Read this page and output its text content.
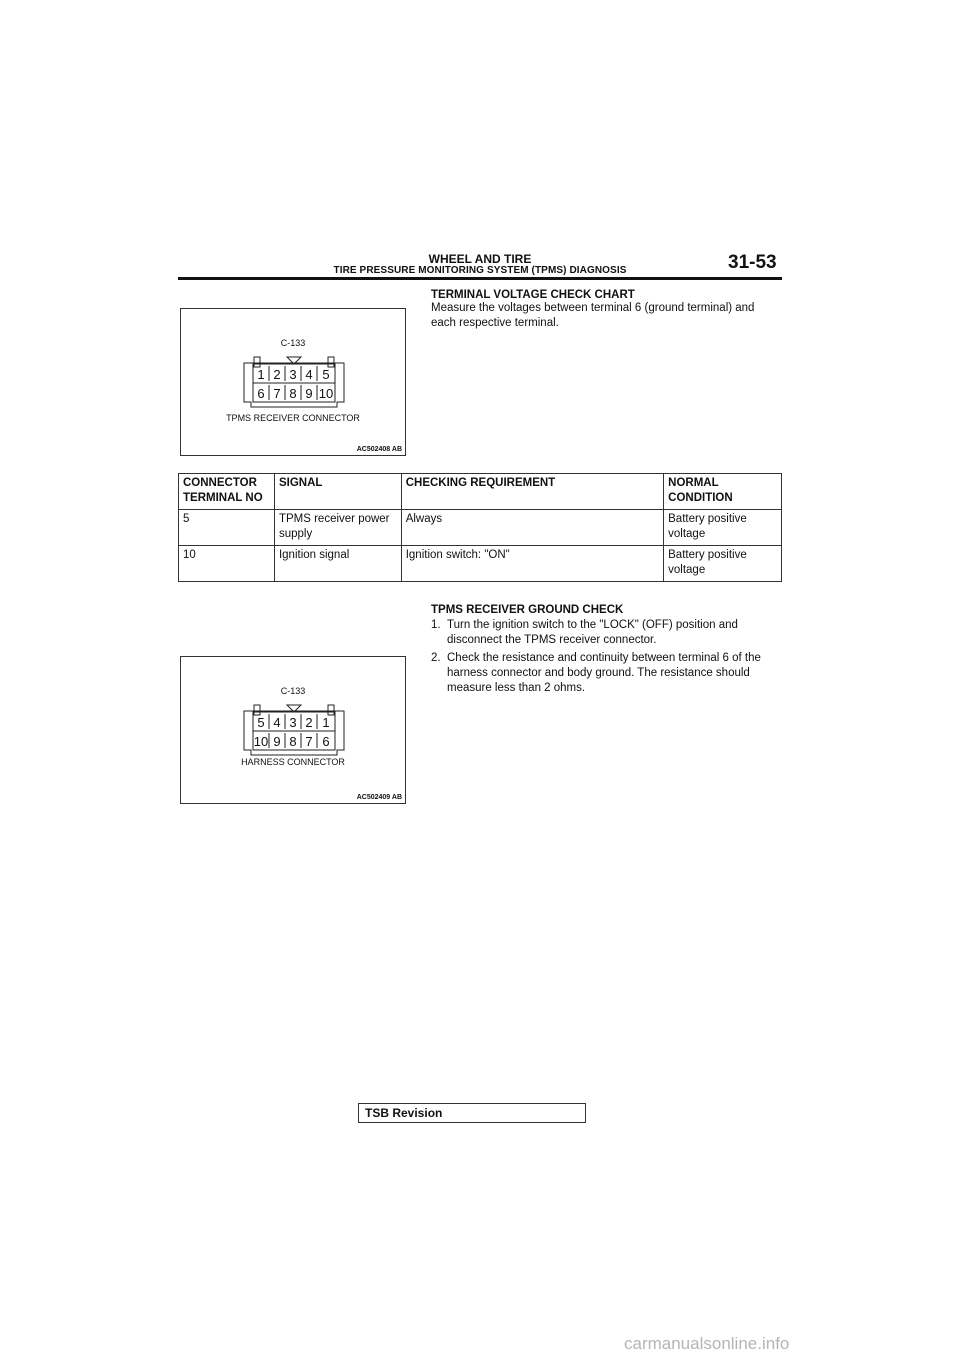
WHEEL AND TIRE
TIRE PRESSURE MONITORING SYSTEM (TPMS) DIAGNOSIS	31-53
1 2 3 4 5
6 7 8 9 10
C-133
TPMS RECEIVER CONNECTOR
AC502408 AB
5 4 3 2 1
10 9 8 7 6
C-133
HARNESS CONNECTOR
AC502409 AB
TERMINAL VOLTAGE CHECK CHART
Measure the voltages between terminal 6 (ground terminal) and each respective terminal.
CONNECTOR TERMINAL NO	SIGNAL	CHECKING REQUIREMENT	NORMAL CONDITION
5	TPMS receiver power supply	Always	Battery positive voltage
10	Ignition signal	Ignition switch: "ON"	Battery positive voltage
TPMS RECEIVER GROUND CHECK
1. Turn the ignition switch to the "LOCK" (OFF) position and disconnect the TPMS receiver connector.
2. Check the resistance and continuity between terminal 6 of the harness connector and body ground. The resistance should measure less than 2 ohms.
TSB Revision
carmanualsonline.info
